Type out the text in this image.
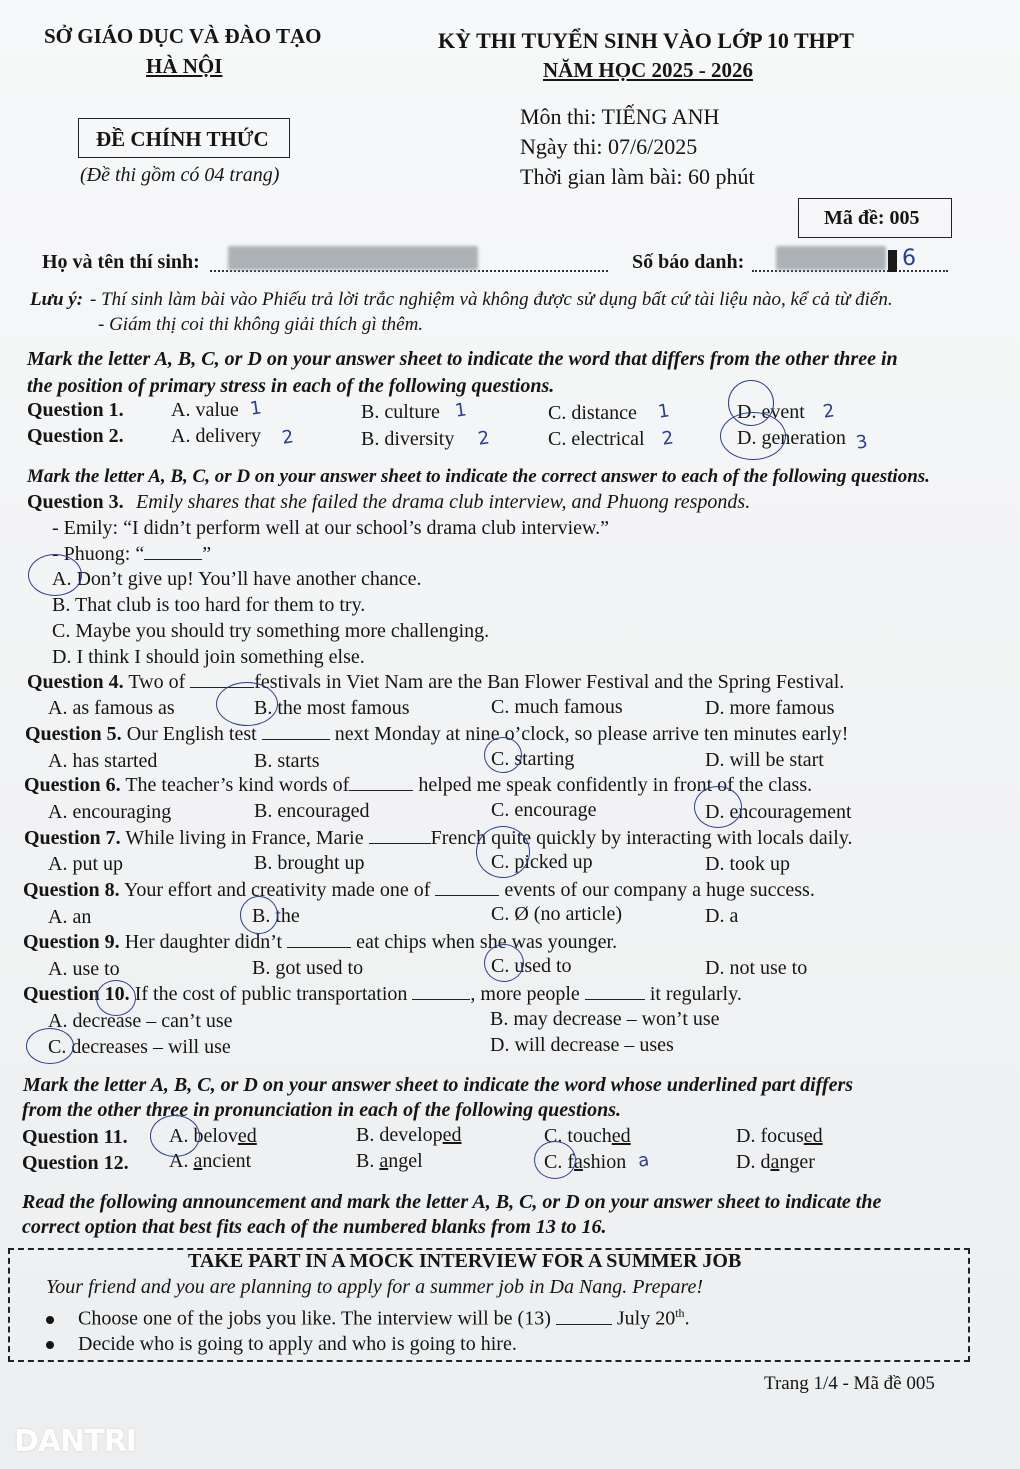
SỞ GIÁO DỤC VÀ ĐÀO TẠO
HÀ NỘI
ĐỀ CHÍNH THỨC
(Đề thi gồm có 04 trang)
KỲ THI TUYỂN SINH VÀO LỚP 10 THPT
NĂM HỌC 2025 - 2026
Môn thi: TIẾNG ANH
Ngày thi: 07/6/2025
Thời gian làm bài: 60 phút
Mã đề: 005
Họ và tên thí sinh:	Số báo danh:	6
Lưu ý: - Thí sinh làm bài vào Phiếu trả lời trắc nghiệm và không được sử dụng bất cứ tài liệu nào, kể cả từ điển.
- Giám thị coi thi không giải thích gì thêm.
Mark the letter A, B, C, or D on your answer sheet to indicate the word that differs from the other three in
the position of primary stress in each of the following questions.
Question 1. A. value	B. culture	C. distance	D. event
Question 2. A. delivery	B. diversity	C. electrical	D. generation
Mark the letter A, B, C, or D on your answer sheet to indicate the correct answer to each of the following questions.
Question 3. Emily shares that she failed the drama club interview, and Phuong responds.
- Emily: “I didn’t perform well at our school’s drama club interview.”
- Phuong: “	”
A. Don’t give up! You’ll have another chance.
B. That club is too hard for them to try.
C. Maybe you should try something more challenging.
D. I think I should join something else.
Question 4. Two of	festivals in Viet Nam are the Ban Flower Festival and the Spring Festival.
A. as famous as	B. the most famous	C. much famous	D. more famous
Question 5. Our English test	next Monday at nine o’clock, so please arrive ten minutes early!
A. has started	B. starts	C. starting	D. will be start
Question 6. The teacher’s kind words of	helped me speak confidently in front of the class.
A. encouraging	B. encouraged	C. encourage	D. encouragement
Question 7. While living in France, Marie	French quite quickly by interacting with locals daily.
A. put up	B. brought up	C. picked up	D. took up
Question 8. Your effort and creativity made one of	events of our company a huge success.
A. an	B. the	C. Ø (no article)	D. a
Question 9. Her daughter didn’t	eat chips when she was younger.
A. use to	B. got used to	C. used to	D. not use to
Question 10. If the cost of public transportation	, more people	it regularly.
A. decrease – can’t use	B. may decrease – won’t use
C. decreases – will use	D. will decrease – uses
Mark the letter A, B, C, or D on your answer sheet to indicate the word whose underlined part differs
from the other three in pronunciation in each of the following questions.
Question 11. A. beloved	B. developed	C. touched	D. focused
Question 12. A. ancient	B. angel	C. fashion	D. danger
Read the following announcement and mark the letter A, B, C, or D on your answer sheet to indicate the
correct option that best fits each of the numbered blanks from 13 to 16.
TAKE PART IN A MOCK INTERVIEW FOR A SUMMER JOB
Your friend and you are planning to apply for a summer job in Da Nang. Prepare!
Choose one of the jobs you like. The interview will be (13)	July 20th.
Decide who is going to apply and who is going to hire.
Trang 1/4 - Mã đề 005
DANTRI
1	1	1	2
2	2	2	3
a
